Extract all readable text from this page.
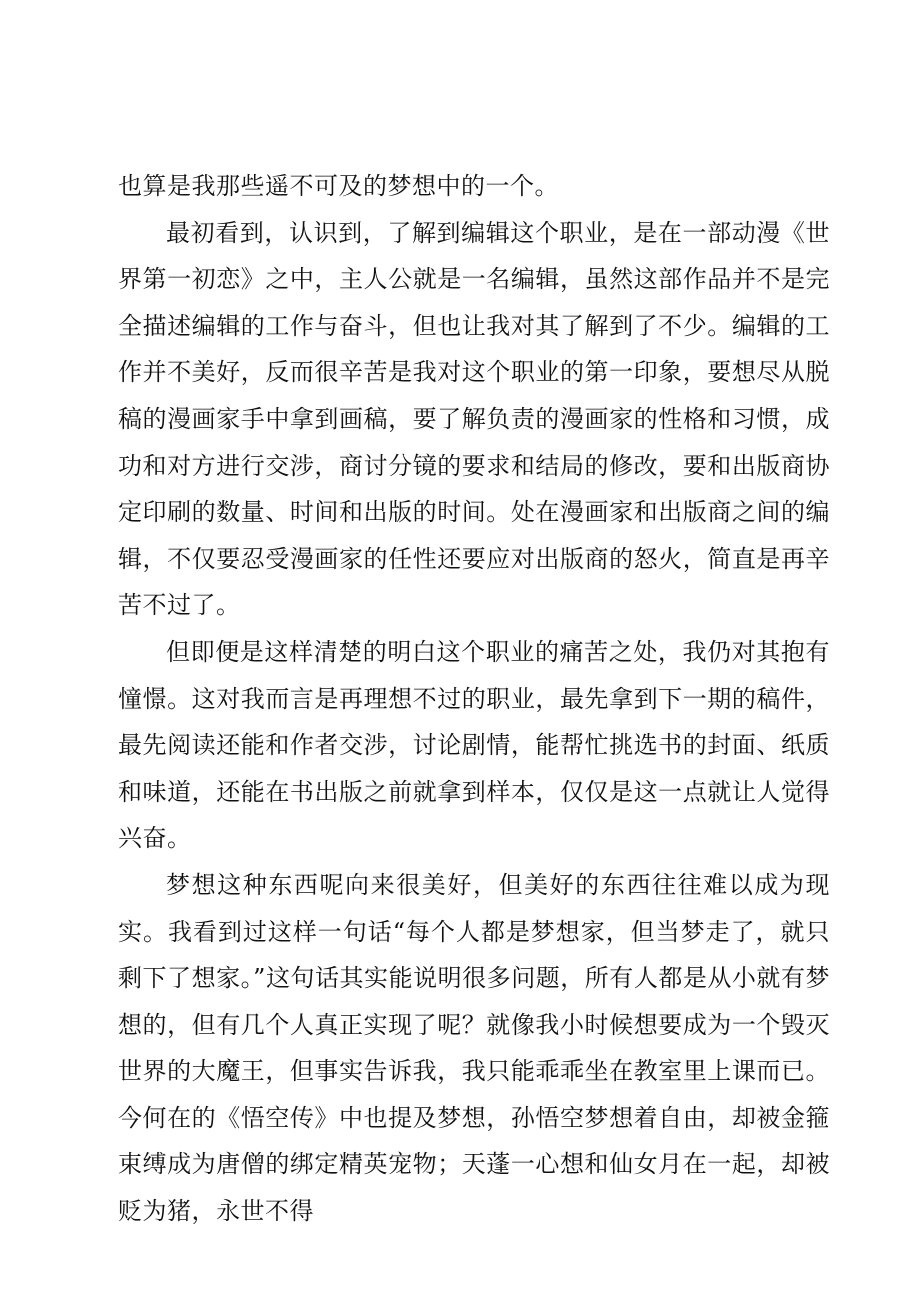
也算是我那些遥不可及的梦想中的一个。

最初看到，认识到，了解到编辑这个职业，是在一部动漫《世界第一初恋》之中，主人公就是一名编辑，虽然这部作品并不是完全描述编辑的工作与奋斗，但也让我对其了解到了不少。编辑的工作并不美好，反而很辛苦是我对这个职业的第一印象，要想尽从脱稿的漫画家手中拿到画稿，要了解负责的漫画家的性格和习惯，成功和对方进行交涉，商讨分镜的要求和结局的修改，要和出版商协定印刷的数量、时间和出版的时间。处在漫画家和出版商之间的编辑，不仅要忍受漫画家的任性还要应对出版商的怒火，简直是再辛苦不过了。

但即便是这样清楚的明白这个职业的痛苦之处，我仍对其抱有憧憬。这对我而言是再理想不过的职业，最先拿到下一期的稿件，最先阅读还能和作者交涉，讨论剧情，能帮忙挑选书的封面、纸质和味道，还能在书出版之前就拿到样本，仅仅是这一点就让人觉得兴奋。

梦想这种东西呢向来很美好，但美好的东西往往难以成为现实。我看到过这样一句话“每个人都是梦想家，但当梦走了，就只剩下了想家。”这句话其实能说明很多问题，所有人都是从小就有梦想的，但有几个人真正实现了呢？就像我小时候想要成为一个毁灭世界的大魔王，但事实告诉我，我只能乖乖坐在教室里上课而已。今何在的《悟空传》中也提及梦想，孙悟空梦想着自由，却被金箍束缚成为唐僧的绑定精英宠物；天蓬一心想和仙女月在一起，却被贬为猪，永世不得
